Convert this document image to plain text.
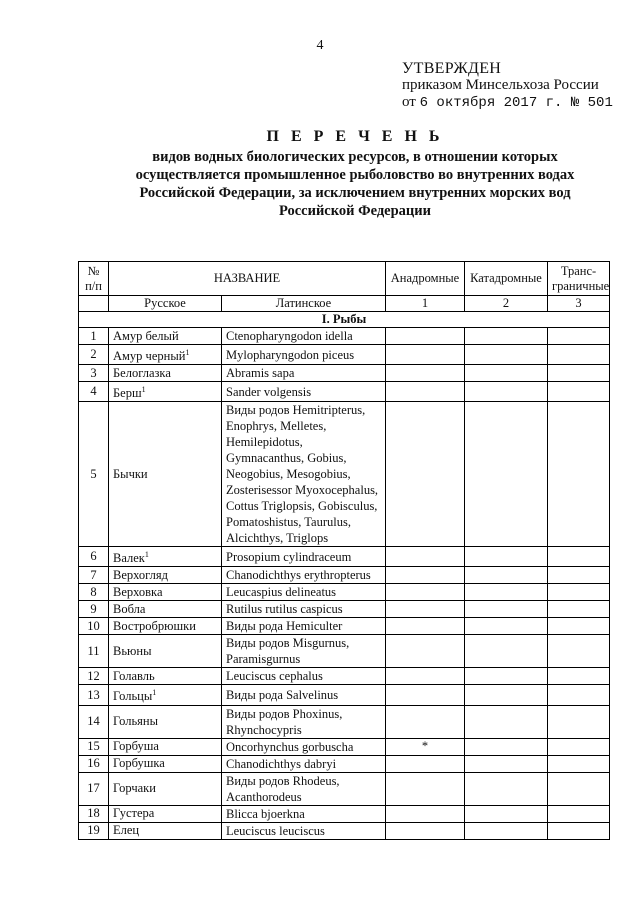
4
УТВЕРЖДЕН
приказом Минсельхоза России
от 6 октября 2017 г. № 501
П Е Р Е Ч Е Н Ь
видов водных биологических ресурсов, в отношении которых осуществляется промышленное рыболовство во внутренних водах Российской Федерации, за исключением внутренних морских вод Российской Федерации
№ п/п	НАЗВАНИЕ		Анадромные	Катадромные	Транс-граничные
	Русское	Латинское	1	2	3
I. Рыбы					
1	Амур белый	Ctenopharyngodon idella			
2	Амур черный$^1$	Mylopharyngodon piceus			
3	Белоглазка	Abramis sapa			
4	Берш$^1$	Sander volgensis			
5	Бычки	Виды родов Hemitripterus, Enophrys, Melletes, Hemilepidotus, Gymnacanthus, Gobius, Neogobius, Mesogobius, Zosterisessor Myoxocephalus, Cottus Triglopsis, Gobisculus, Pomatoshistus, Taurulus, Alcichthys, Triglops			
6	Валек$^1$	Prosopium cylindraceum			
7	Верхогляд	Chanodichthys erythropterus			
8	Верховка	Leucaspius delineatus			
9	Вобла	Rutilus rutilus caspicus			
10	Востробрюшки	Виды рода Hemiculter			
11	Вьюны	Виды родов Misgurnus, Paramisgurnus			
12	Голавль	Leuciscus cephalus			
13	Гольцы$^1$	Виды рода Salvelinus			
14	Гольяны	Виды родов Phoxinus, Rhynchocypris			
15	Горбуша	Oncorhynchus gorbuscha	*		
16	Горбушка	Chanodichthys dabryi			
17	Горчаки	Виды родов Rhodeus, Acanthorodeus			
18	Густера	Blicca bjoerkna			
19	Елец	Leuciscus leuciscus			
